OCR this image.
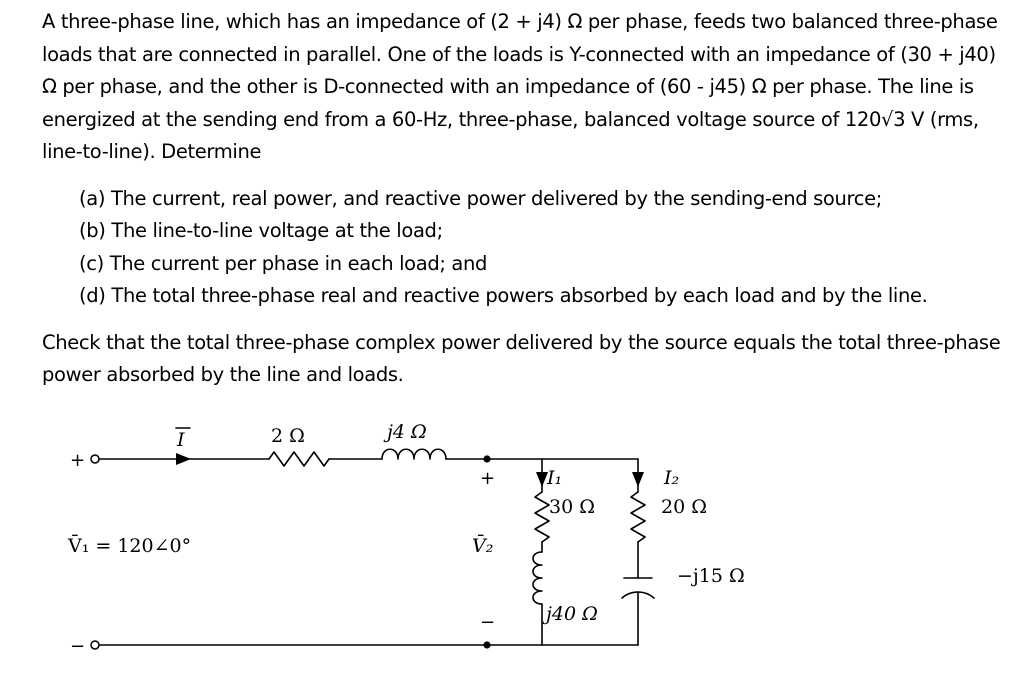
A three-phase line, which has an impedance of (2 + j4) Ω per phase, feeds two balanced three-phase loads that are connected in parallel. One of the loads is Y-connected with an impedance of (30 + j40) Ω per phase, and the other is D-connected with an impedance of (60 - j45) Ω per phase. The line is energized at the sending end from a 60-Hz, three-phase, balanced voltage source of 120√3 V (rms, line-to-line). Determine

(a) The current, real power, and reactive power delivered by the sending-end source;
(b) The line-to-line voltage at the load;
(c) The current per phase in each load; and
(d) The total three-phase real and reactive powers absorbed by each load and by the line.

Check that the total three-phase complex power delivered by the source equals the total three-phase power absorbed by the line and loads.

+
−
I	2 Ω	j4 Ω
+
V̄₂
−
V̄₁ = 120∠0°
I₁
30 Ω
j40 Ω
I₂
20 Ω
−j15 Ω
